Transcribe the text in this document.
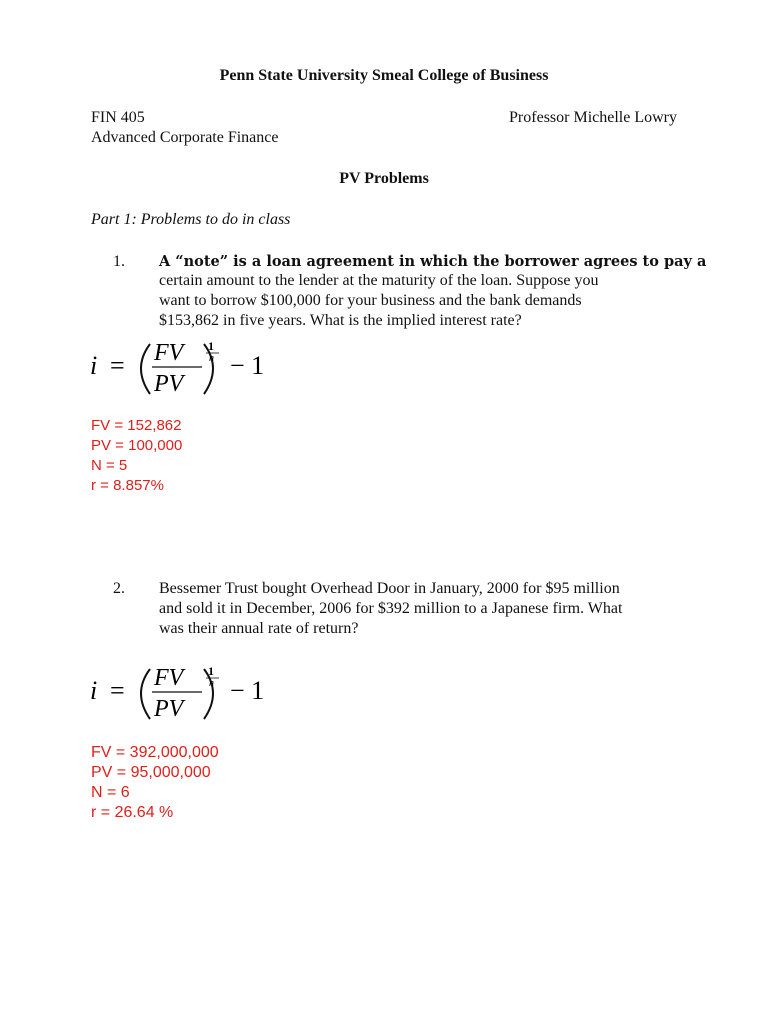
Penn State University Smeal College of Business
FIN 405
Advanced Corporate Finance
Professor Michelle Lowry
PV Problems
Part 1: Problems to do in class
1. A “note” is a loan agreement in which the borrower agrees to pay a
certain amount to the lender at the maturity of the loan. Suppose you
want to borrow $100,000 for your business and the bank demands
$153,862 in five years. What is the implied interest rate?
i = FV
PV
1
n − 1
FV = 152,862
PV = 100,000
N = 5
r = 8.857%
2. Bessemer Trust bought Overhead Door in January, 2000 for $95 million
and sold it in December, 2006 for $392 million to a Japanese firm. What
was their annual rate of return?
i = FV
PV
1
n − 1
FV = 392,000,000
PV = 95,000,000
N = 6
r = 26.64 %
